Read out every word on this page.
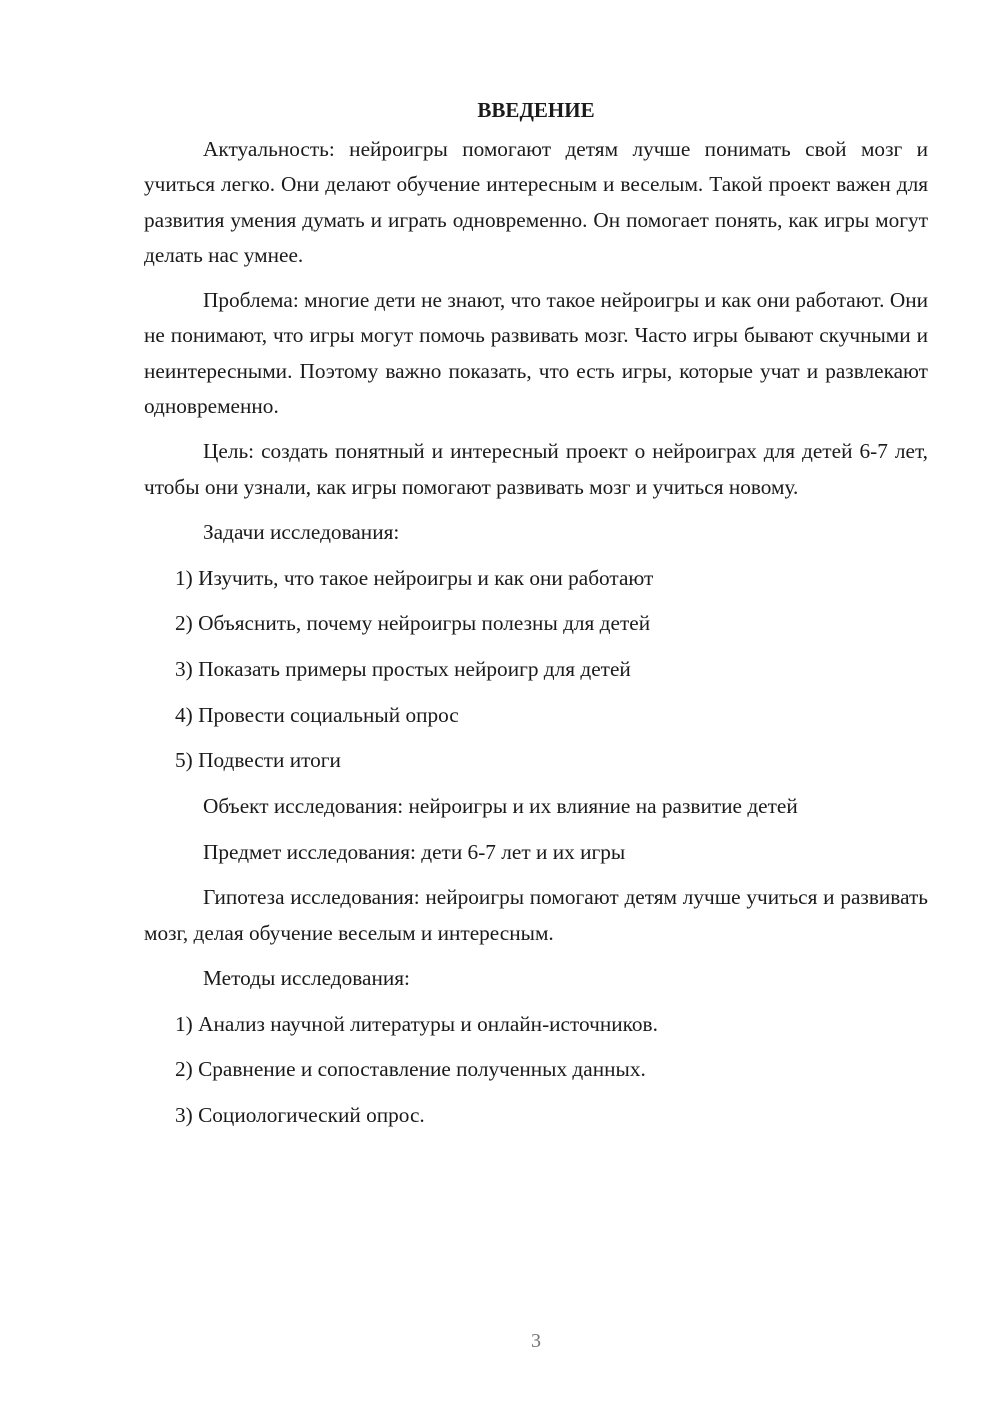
ВВЕДЕНИЕ

Актуальность: нейроигры помогают детям лучше понимать свой мозг и учиться легко. Они делают обучение интересным и веселым. Такой проект важен для развития умения думать и играть одновременно. Он помогает понять, как игры могут делать нас умнее.

Проблема: многие дети не знают, что такое нейроигры и как они работают. Они не понимают, что игры могут помочь развивать мозг. Часто игры бывают скучными и неинтересными. Поэтому важно показать, что есть игры, которые учат и развлекают одновременно.

Цель: создать понятный и интересный проект о нейроиграх для детей 6-7 лет, чтобы они узнали, как игры помогают развивать мозг и учиться новому.

Задачи исследования:
1) Изучить, что такое нейроигры и как они работают
2) Объяснить, почему нейроигры полезны для детей
3) Показать примеры простых нейроигр для детей
4) Провести социальный опрос
5) Подвести итоги
Объект исследования: нейроигры и их влияние на развитие детей
Предмет исследования: дети 6-7 лет и их игры

Гипотеза исследования: нейроигры помогают детям лучше учиться и развивать мозг, делая обучение веселым и интересным.

Методы исследования:
1) Анализ научной литературы и онлайн-источников.
2) Сравнение и сопоставление полученных данных.
3) Социологический опрос.
3
